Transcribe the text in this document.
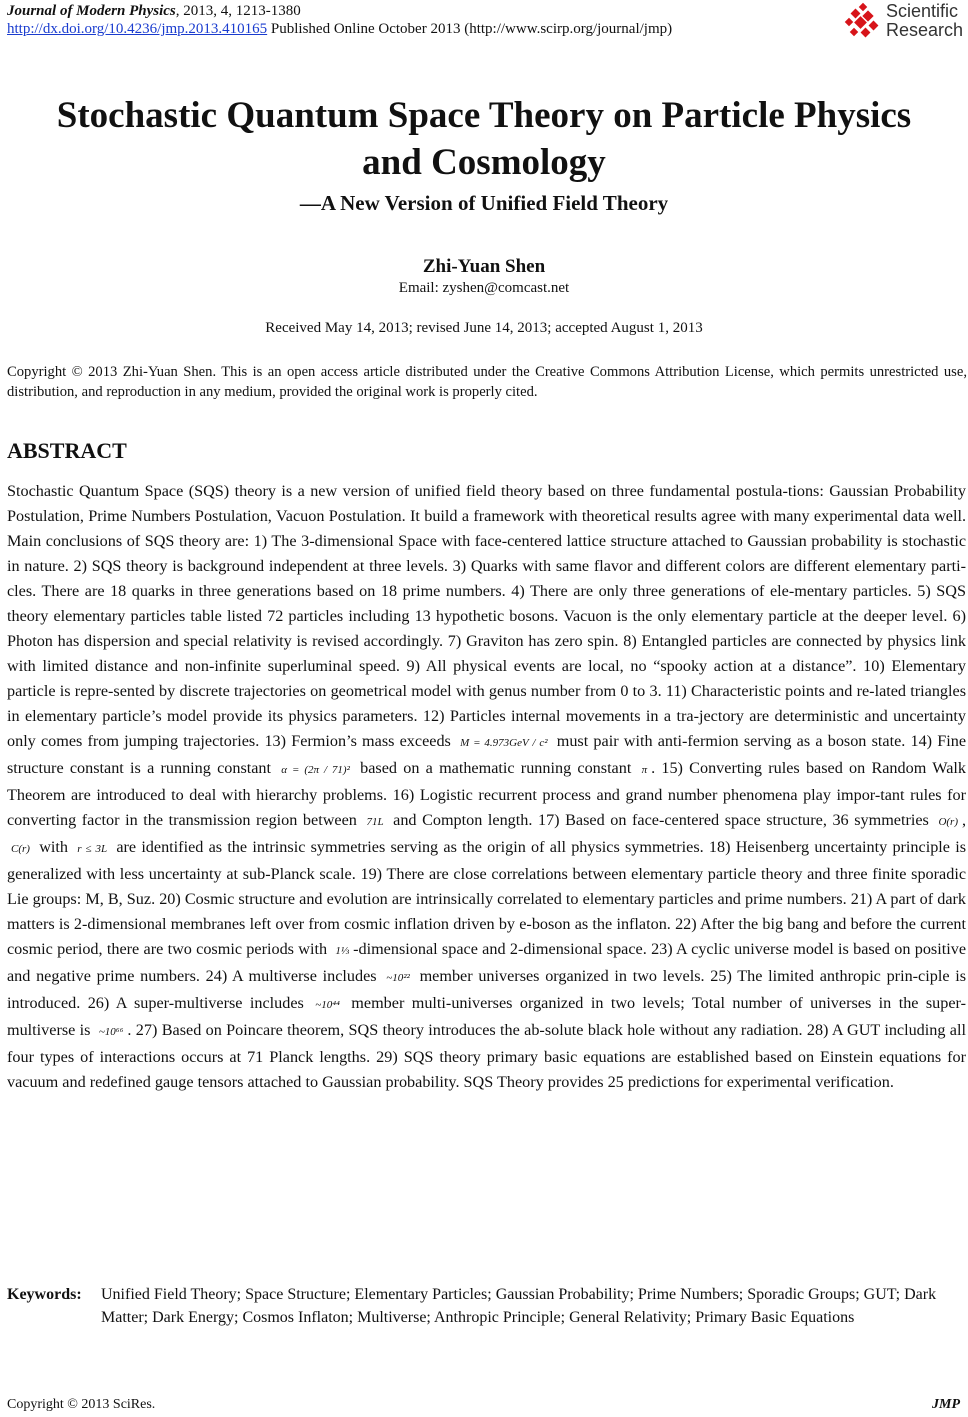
Journal of Modern Physics, 2013, 4, 1213-1380
http://dx.doi.org/10.4236/jmp.2013.410165 Published Online October 2013 (http://www.scirp.org/journal/jmp)
Scientific
Research
Stochastic Quantum Space Theory on Particle Physics
and Cosmology
—A New Version of Unified Field Theory
Zhi-Yuan Shen
Email: zyshen@comcast.net
Received May 14, 2013; revised June 14, 2013; accepted August 1, 2013
Copyright © 2013 Zhi-Yuan Shen. This is an open access article distributed under the Creative Commons Attribution License, which permits unrestricted use, distribution, and reproduction in any medium, provided the original work is properly cited.
ABSTRACT
Stochastic Quantum Space (SQS) theory is a new version of unified field theory based on three fundamental postula-tions: Gaussian Probability Postulation, Prime Numbers Postulation, Vacuon Postulation. It build a framework with theoretical results agree with many experimental data well. Main conclusions of SQS theory are: 1) The 3-dimensional Space with face-centered lattice structure attached to Gaussian probability is stochastic in nature. 2) SQS theory is background independent at three levels. 3) Quarks with same flavor and different colors are different elementary parti-cles. There are 18 quarks in three generations based on 18 prime numbers. 4) There are only three generations of ele-mentary particles. 5) SQS theory elementary particles table listed 72 particles including 13 hypothetic bosons. Vacuon is the only elementary particle at the deeper level. 6) Photon has dispersion and special relativity is revised accordingly. 7) Graviton has zero spin. 8) Entangled particles are connected by physics link with limited distance and non-infinite superluminal speed. 9) All physical events are local, no “spooky action at a distance”. 10) Elementary particle is repre-sented by discrete trajectories on geometrical model with genus number from 0 to 3. 11) Characteristic points and re-lated triangles in elementary particle’s model provide its physics parameters. 12) Particles internal movements in a tra-jectory are deterministic and uncertainty only comes from jumping trajectories. 13) Fermion’s mass exceeds M = 4.973GeV / c² must pair with anti-fermion serving as a boson state. 14) Fine structure constant is a running constant α = (2π / 71)² based on a mathematic running constant π . 15) Converting rules based on Random Walk Theorem are introduced to deal with hierarchy problems. 16) Logistic recurrent process and grand number phenomena play impor-tant rules for converting factor in the transmission region between 71L and Compton length. 17) Based on face-centered space structure, 36 symmetries O(r) , C(r) with r ≤ 3L are identified as the intrinsic symmetries serving as the origin of all physics symmetries. 18) Heisenberg uncertainty principle is generalized with less uncertainty at sub-Planck scale. 19) There are close correlations between elementary particle theory and three finite sporadic Lie groups: M, B, Suz. 20) Cosmic structure and evolution are intrinsically correlated to elementary particles and prime numbers. 21) A part of dark matters is 2-dimensional membranes left over from cosmic inflation driven by e-boson as the inflaton. 22) After the big bang and before the current cosmic period, there are two cosmic periods with 1⅓ -dimensional space and 2-dimensional space. 23) A cyclic universe model is based on positive and negative prime numbers. 24) A multiverse includes ~10²² member universes organized in two levels. 25) The limited anthropic prin-ciple is introduced. 26) A super-multiverse includes ~10⁴⁴ member multi-universes organized in two levels; Total number of universes in the super-multiverse is ~10⁶⁶ . 27) Based on Poincare theorem, SQS theory introduces the ab-solute black hole without any radiation. 28) A GUT including all four types of interactions occurs at 71 Planck lengths. 29) SQS theory primary basic equations are established based on Einstein equations for vacuum and redefined gauge tensors attached to Gaussian probability. SQS Theory provides 25 predictions for experimental verification.
Keywords: Unified Field Theory; Space Structure; Elementary Particles; Gaussian Probability; Prime Numbers; Sporadic Groups; GUT; Dark Matter; Dark Energy; Cosmos Inflaton; Multiverse; Anthropic Principle; General Relativity; Primary Basic Equations
Copyright © 2013 SciRes.	JMP
